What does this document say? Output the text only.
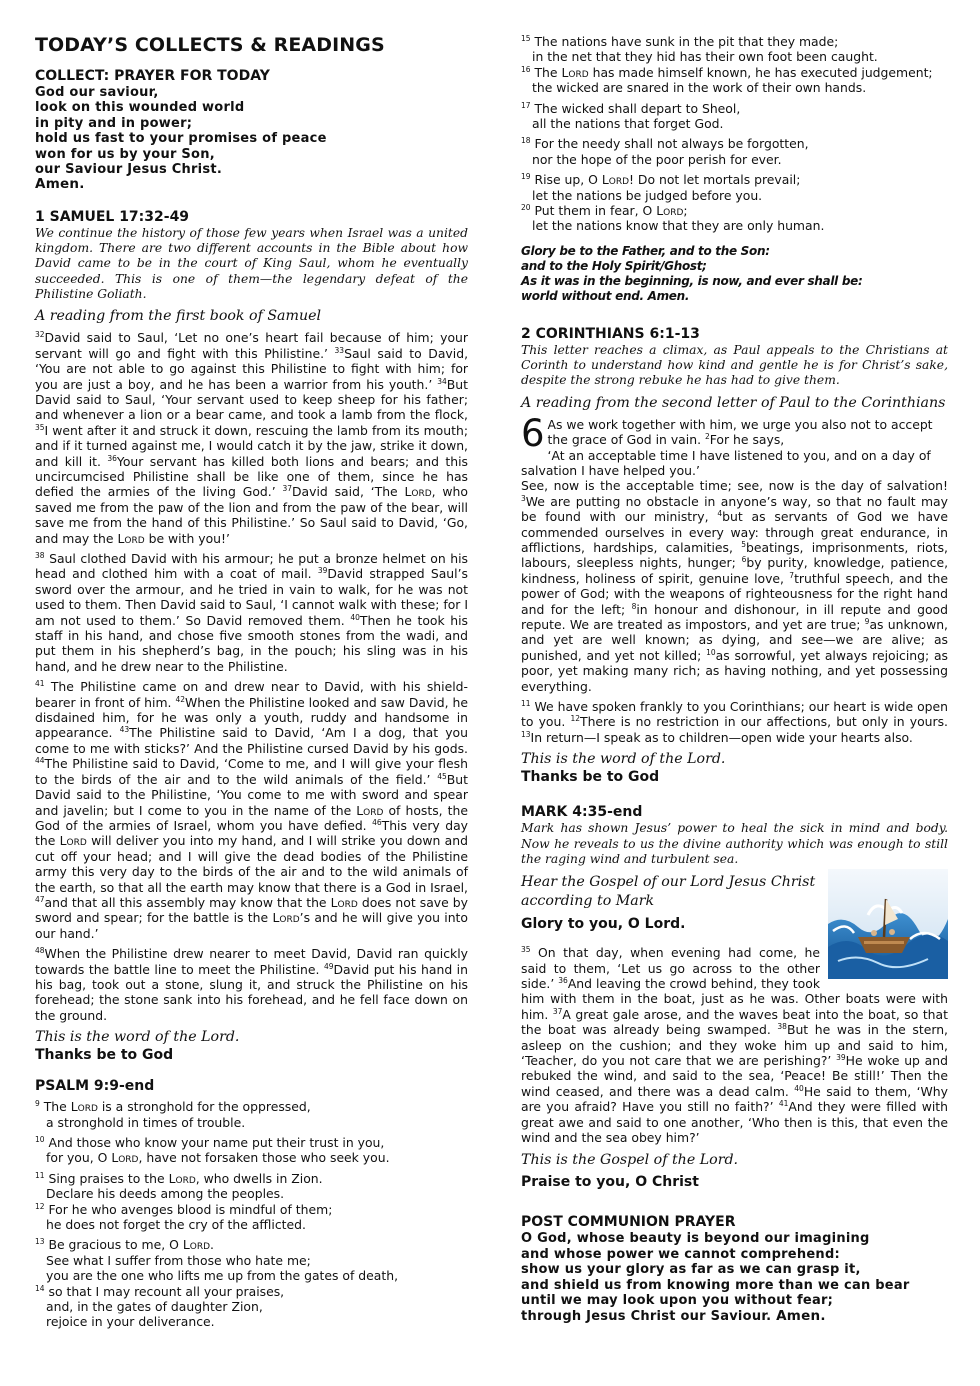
TODAY’S COLLECTS & READINGS
COLLECT: PRAYER FOR TODAY
God our saviour,
look on this wounded world
in pity and in power;
hold us fast to your promises of peace
won for us by your Son,
our Saviour Jesus Christ.
Amen.
1 SAMUEL 17:32-49
We continue the history of those few years when Israel was a united kingdom. There are two different accounts in the Bible about how David came to be in the court of King Saul, whom he eventually succeeded. This is one of them—the legendary defeat of the Philistine Goliath.
A reading from the first book of Samuel

$^{32}$David said to Saul, ‘Let no one’s heart fail because of him; your servant will go and fight with this Philistine.’ $^{33}$Saul said to David, ‘You are not able to go against this Philistine to fight with him; for you are just a boy, and he has been a warrior from his youth.’ $^{34}$But David said to Saul, ‘Your servant used to keep sheep for his father; and whenever a lion or a bear came, and took a lamb from the flock, $^{35}$I went after it and struck it down, rescuing the lamb from its mouth; and if it turned against me, I would catch it by the jaw, strike it down, and kill it. $^{36}$Your servant has killed both lions and bears; and this uncircumcised Philistine shall be like one of them, since he has defied the armies of the living God.’ $^{37}$David said, ‘The Lord, who saved me from the paw of the lion and from the paw of the bear, will save me from the hand of this Philistine.’ So Saul said to David, ‘Go, and may the Lord be with you!’

$^{38}$ Saul clothed David with his armour; he put a bronze helmet on his head and clothed him with a coat of mail. $^{39}$David strapped Saul’s sword over the armour, and he tried in vain to walk, for he was not used to them. Then David said to Saul, ‘I cannot walk with these; for I am not used to them.’ So David removed them. $^{40}$Then he took his staff in his hand, and chose five smooth stones from the wadi, and put them in his shepherd’s bag, in the pouch; his sling was in his hand, and he drew near to the Philistine.

$^{41}$ The Philistine came on and drew near to David, with his shield-bearer in front of him. $^{42}$When the Philistine looked and saw David, he disdained him, for he was only a youth, ruddy and handsome in appearance. $^{43}$The Philistine said to David, ‘Am I a dog, that you come to me with sticks?’ And the Philistine cursed David by his gods. $^{44}$The Philistine said to David, ‘Come to me, and I will give your flesh to the birds of the air and to the wild animals of the field.’ $^{45}$But David said to the Philistine, ‘You come to me with sword and spear and javelin; but I come to you in the name of the Lord of hosts, the God of the armies of Israel, whom you have defied. $^{46}$This very day the Lord will deliver you into my hand, and I will strike you down and cut off your head; and I will give the dead bodies of the Philistine army this very day to the birds of the air and to the wild animals of the earth, so that all the earth may know that there is a God in Israel, $^{47}$and that all this assembly may know that the Lord does not save by sword and spear; for the battle is the Lord’s and he will give you into our hand.’

$^{48}$When the Philistine drew nearer to meet David, David ran quickly towards the battle line to meet the Philistine. $^{49}$David put his hand in his bag, took out a stone, slung it, and struck the Philistine on his forehead; the stone sank into his forehead, and he fell face down on the ground.

This is the word of the Lord.
Thanks be to God
PSALM 9:9-end
$^9$ The Lord is a stronghold for the oppressed,
a stronghold in times of trouble.
$^{10}$ And those who know your name put their trust in you,
for you, O Lord, have not forsaken those who seek you.
$^{11}$ Sing praises to the Lord, who dwells in Zion.
Declare his deeds among the peoples.
$^{12}$ For he who avenges blood is mindful of them;
he does not forget the cry of the afflicted.
$^{13}$ Be gracious to me, O Lord.
See what I suffer from those who hate me;
you are the one who lifts me up from the gates of death,
$^{14}$ so that I may recount all your praises,
and, in the gates of daughter Zion,
rejoice in your deliverance.
$^{15}$ The nations have sunk in the pit that they made;
in the net that they hid has their own foot been caught.
$^{16}$ The Lord has made himself known, he has executed judgement;
the wicked are snared in the work of their own hands.
$^{17}$ The wicked shall depart to Sheol,
all the nations that forget God.
$^{18}$ For the needy shall not always be forgotten,
nor the hope of the poor perish for ever.
$^{19}$ Rise up, O Lord! Do not let mortals prevail;
let the nations be judged before you.
$^{20}$ Put them in fear, O Lord;
let the nations know that they are only human.
Glory be to the Father, and to the Son:
and to the Holy Spirit/Ghost;
As it was in the beginning, is now, and ever shall be:
world without end. Amen.
2 CORINTHIANS 6:1-13
This letter reaches a climax, as Paul appeals to the Christians at Corinth to understand how kind and gentle he is for Christ’s sake, despite the strong rebuke he has had to give them.
A reading from the second letter of Paul to the Corinthians

6 As we work together with him, we urge you also not to accept the grace of God in vain. $^2$For he says,
‘At an acceptable time I have listened to you, and on a day of salvation I have helped you.’

See, now is the acceptable time; see, now is the day of salvation! $^3$We are putting no obstacle in anyone’s way, so that no fault may be found with our ministry, $^4$but as servants of God we have commended ourselves in every way: through great endurance, in afflictions, hardships, calamities, $^5$beatings, imprisonments, riots, labours, sleepless nights, hunger; $^6$by purity, knowledge, patience, kindness, holiness of spirit, genuine love, $^7$truthful speech, and the power of God; with the weapons of righteousness for the right hand and for the left; $^8$in honour and dishonour, in ill repute and good repute. We are treated as impostors, and yet are true; $^9$as unknown, and yet are well known; as dying, and see—we are alive; as punished, and yet not killed; $^{10}$as sorrowful, yet always rejoicing; as poor, yet making many rich; as having nothing, and yet possessing everything.

$^{11}$ We have spoken frankly to you Corinthians; our heart is wide open to you. $^{12}$There is no restriction in our affections, but only in yours. $^{13}$In return—I speak as to children—open wide your hearts also.

This is the word of the Lord.
Thanks be to God
MARK 4:35-end
Mark has shown Jesus’ power to heal the sick in mind and body. Now he reveals to us the divine authority which was enough to still the raging wind and turbulent sea.
Hear the Gospel of our Lord Jesus Christ according to Mark
Glory to you, O Lord.

$^{35}$ On that day, when evening had come, he said to them, ‘Let us go across to the other side.’ $^{36}$And leaving the crowd behind, they took him with them in the boat, just as he was. Other boats were with him. $^{37}$A great gale arose, and the waves beat into the boat, so that the boat was already being swamped. $^{38}$But he was in the stern, asleep on the cushion; and they woke him up and said to him, ‘Teacher, do you not care that we are perishing?’ $^{39}$He woke up and rebuked the wind, and said to the sea, ‘Peace! Be still!’ Then the wind ceased, and there was a dead calm. $^{40}$He said to them, ‘Why are you afraid? Have you still no faith?’ $^{41}$And they were filled with great awe and said to one another, ‘Who then is this, that even the wind and the sea obey him?’

This is the Gospel of the Lord.
Praise to you, O Christ
POST COMMUNION PRAYER
O God, whose beauty is beyond our imagining
and whose power we cannot comprehend:
show us your glory as far as we can grasp it,
and shield us from knowing more than we can bear
until we may look upon you without fear;
through Jesus Christ our Saviour. Amen.
